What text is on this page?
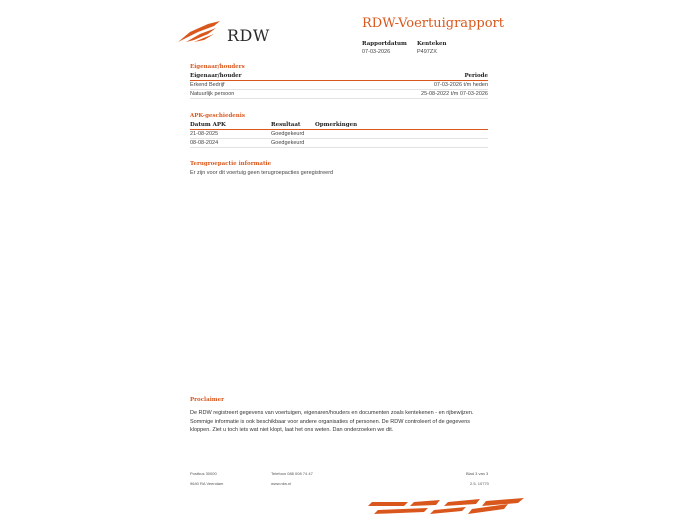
RDW
RDW-Voertuigrapport
Rapportdatum
07-03-2026
Kenteken
P497ZX
Eigenaar/houders
Eigenaar/houder	Periode
Erkend Bedrijf	07-03-2026 t/m heden
Natuurlijk persoon	25-08-2022 t/m 07-03-2026
APK-geschiedenis
Datum APK	Resultaat	Opmerkingen
21-08-2025	Goedgekeurd
08-08-2024	Goedgekeurd
Terugroepactie informatie
Er zijn voor dit voertuig geen terugroepacties geregistreerd
Proclaimer
De RDW registreert gegevens van voertuigen, eigenaren/houders en documenten zoals kentekenen - en rijbewijzen.
Sommige informatie is ook beschikbaar voor andere organisaties of personen. De RDW controleert of de gegevens
kloppen. Ziet u toch iets wat niet klopt, laat het ons weten. Dan onderzoeken we dit.
Postbus 30000
9640 RA Veendam
Telefoon 088 008 74 47
www.rdw.nl
Blad 3 van 3
2.5. 10770
